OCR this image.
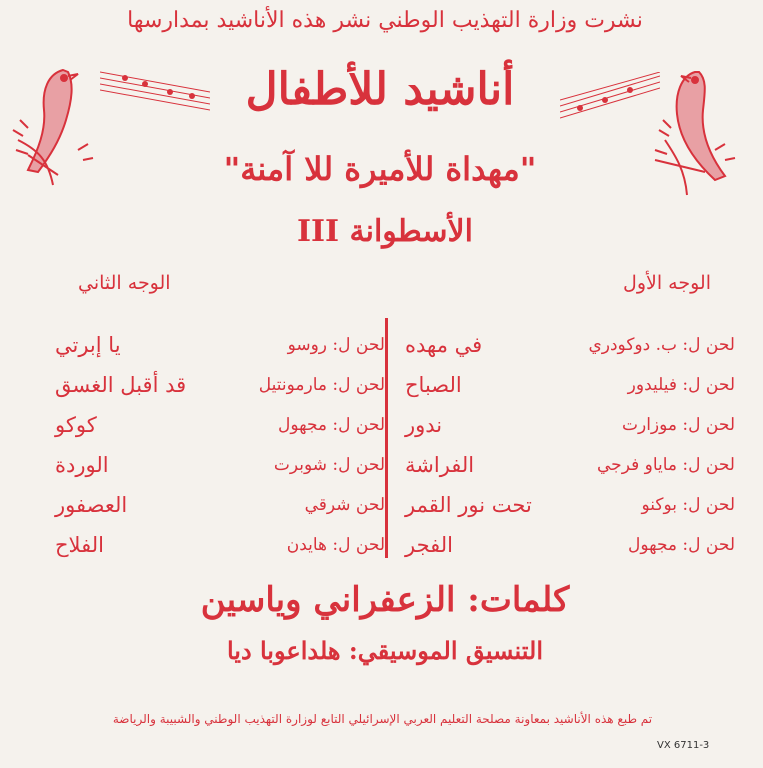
نشرت وزارة التهذيب الوطني نشر هذه الأناشيد بمدارسها
أناشيد للأطفال
"مهداة للأميرة للا آمنة"
الأسطوانة III
الوجه الأول
الوجه الثاني
في مهده	لحن ل: ب. دوكودري
الصباح	لحن ل: فيليدور
ندور	لحن ل: موزارت
الفراشة	لحن ل: ماياو فرجي
تحت نور القمر	لحن ل: بوكنو
الفجر	لحن ل: مجهول
يا إبرتي	لحن ل: روسو
قد أقبل الغسق	لحن ل: مارمونتيل
كوكو	لحن ل: مجهول
الوردة	لحن ل: شوبرت
العصفور	لحن شرقي
الفلاح	لحن ل: هايدن
كلمات: الزعفراني وياسين
التنسيق الموسيقي: هلداعوبا ديا
تم طبع هذه الأناشيد بمعاونة مصلحة التعليم العربي الإسرائيلي التابع لوزارة التهذيب الوطني والشبيبة والرياضة
VX 6711-3
